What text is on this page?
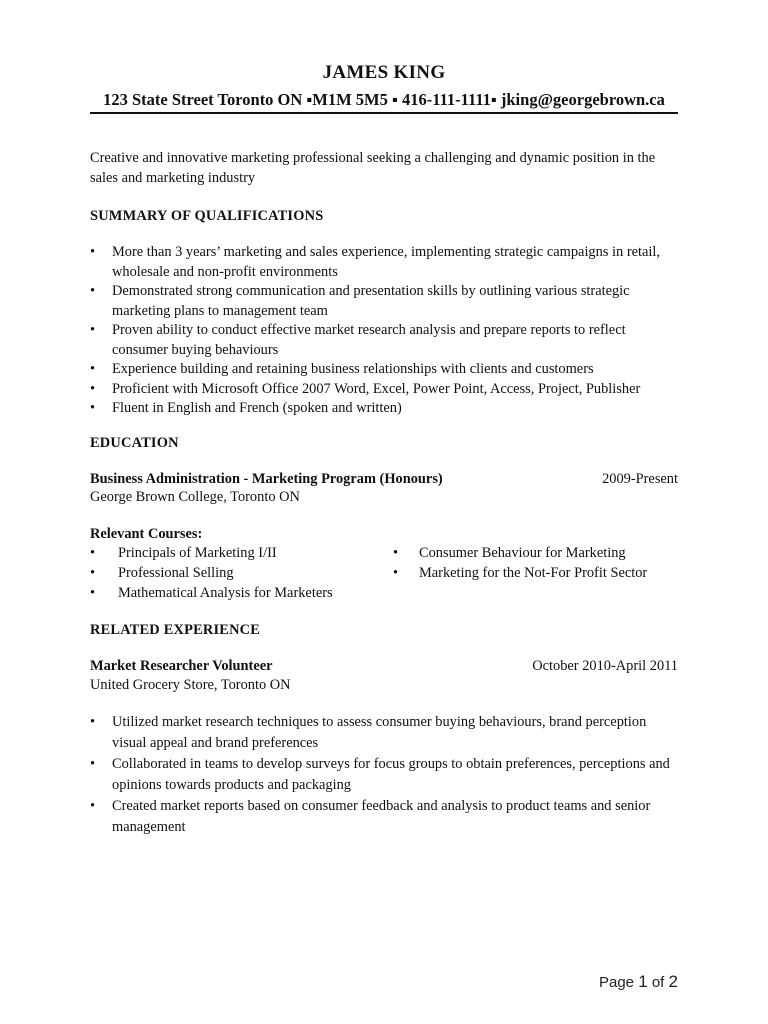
JAMES KING
123 State Street Toronto ON ▪M1M 5M5 ▪ 416-111-1111▪ jking@georgebrown.ca
Creative and innovative marketing professional seeking a challenging and dynamic position in the sales and marketing industry
SUMMARY OF QUALIFICATIONS
• More than 3 years’ marketing and sales experience, implementing strategic campaigns in retail, wholesale and non-profit environments
• Demonstrated strong communication and presentation skills by outlining various strategic marketing plans to management team
• Proven ability to conduct effective market research analysis and prepare reports to reflect consumer buying behaviours
• Experience building and retaining business relationships with clients and customers
• Proficient with Microsoft Office 2007 Word, Excel, Power Point, Access, Project, Publisher
• Fluent in English and French (spoken and written)
EDUCATION
Business Administration - Marketing Program (Honours)	2009-Present
George Brown College, Toronto ON
Relevant Courses:
• Principals of Marketing I/II
• Professional Selling
• Mathematical Analysis for Marketers
• Consumer Behaviour for Marketing
• Marketing for the Not-For Profit Sector
RELATED EXPERIENCE
Market Researcher Volunteer	October 2010-April 2011
United Grocery Store, Toronto ON
• Utilized market research techniques to assess consumer buying behaviours, brand perception visual appeal and brand preferences
• Collaborated in teams to develop surveys for focus groups to obtain preferences, perceptions and opinions towards products and packaging
• Created market reports based on consumer feedback and analysis to product teams and senior management
Page 1 of 2
